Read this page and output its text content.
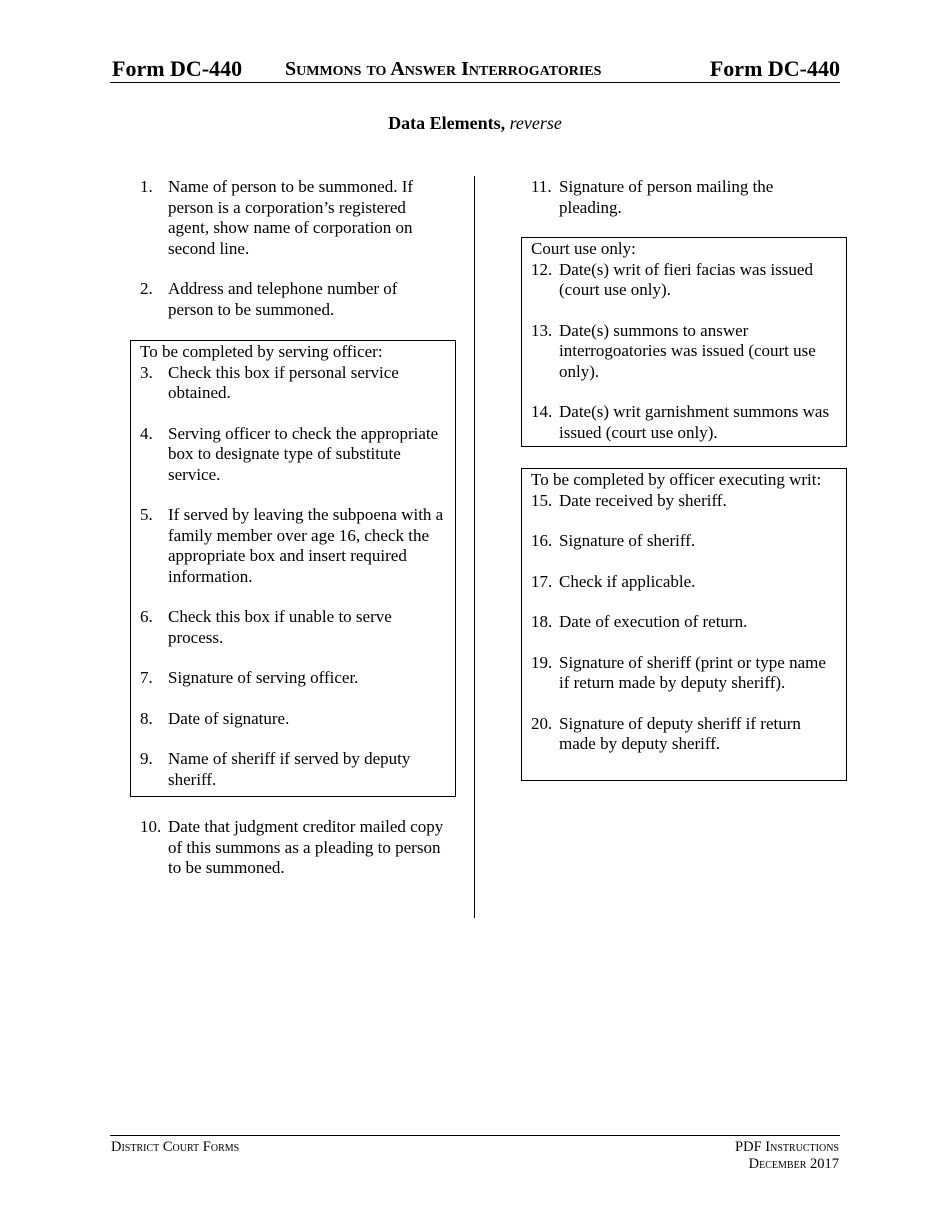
Form DC-440 Summons to Answer Interrogatories	Form DC-440
Data Elements, reverse
1. Name of person to be summoned. If person is a corporation’s registered agent, show name of corporation on second line.
2. Address and telephone number of person to be summoned.
To be completed by serving officer:
3. Check this box if personal service obtained.
4. Serving officer to check the appropriate box to designate type of substitute service.
5. If served by leaving the subpoena with a family member over age 16, check the appropriate box and insert required information.
6. Check this box if unable to serve process.
7. Signature of serving officer.
8. Date of signature.
9. Name of sheriff if served by deputy sheriff.
10. Date that judgment creditor mailed copy of this summons as a pleading to person to be summoned.
11. Signature of person mailing the pleading.
Court use only:
12. Date(s) writ of fieri facias was issued (court use only).
13. Date(s) summons to answer interrogoatories was issued (court use only).
14. Date(s) writ garnishment summons was issued (court use only).
To be completed by officer executing writ:
15. Date received by sheriff.
16. Signature of sheriff.
17. Check if applicable.
18. Date of execution of return.
19. Signature of sheriff (print or type name if return made by deputy sheriff).
20. Signature of deputy sheriff if return made by deputy sheriff.
District Court Forms	PDF Instructions
December 2017
